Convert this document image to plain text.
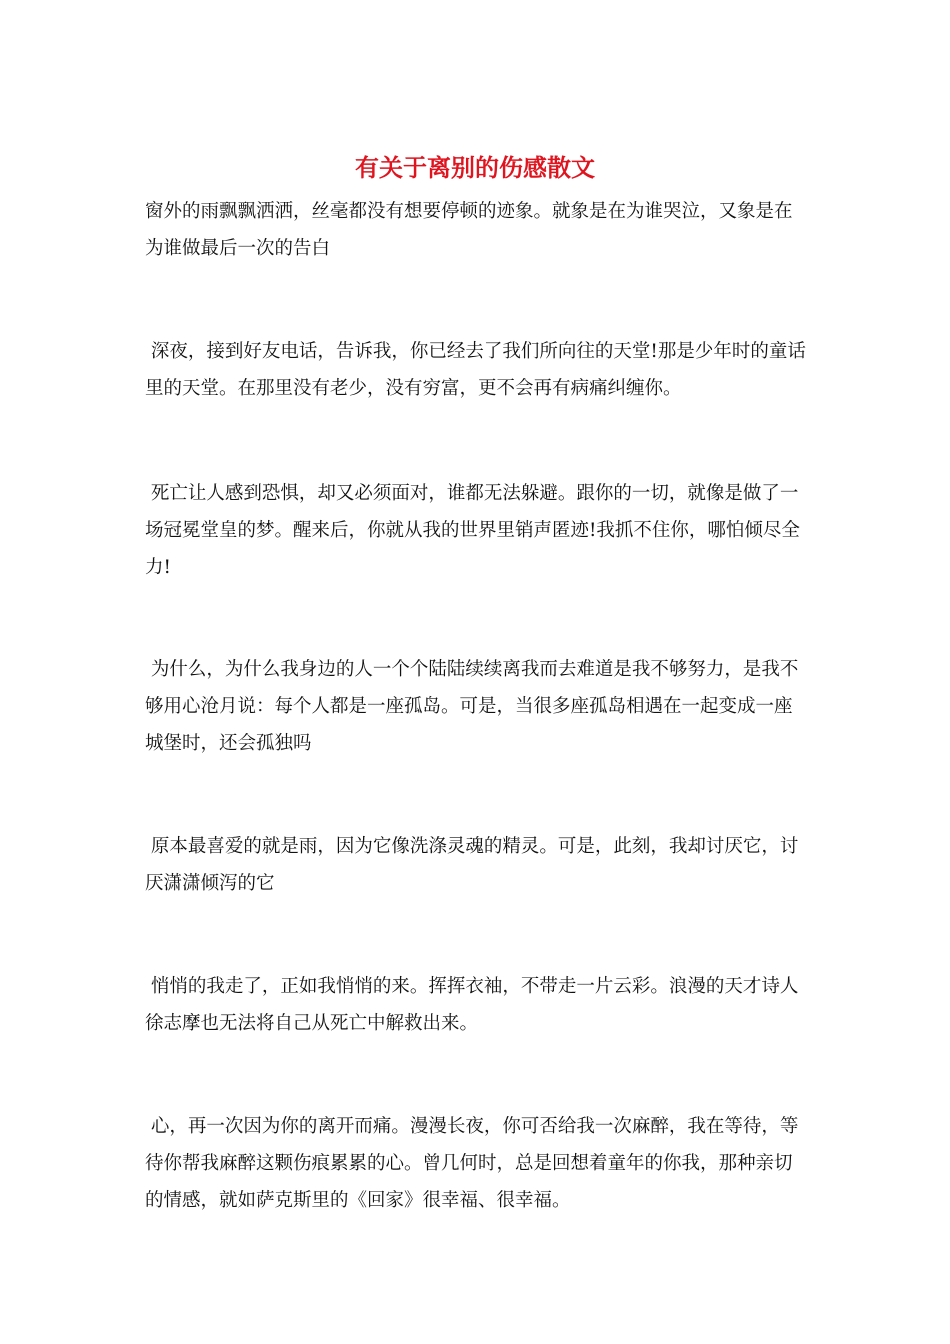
有关于离别的伤感散文

窗外的雨飘飘洒洒，丝毫都没有想要停顿的迹象。就象是在为谁哭泣，又象是在为谁做最后一次的告白

深夜，接到好友电话，告诉我，你已经去了我们所向往的天堂!那是少年时的童话里的天堂。在那里没有老少，没有穷富，更不会再有病痛纠缠你。

死亡让人感到恐惧，却又必须面对，谁都无法躲避。跟你的一切，就像是做了一场冠冕堂皇的梦。醒来后，你就从我的世界里销声匿迹!我抓不住你，哪怕倾尽全力!

为什么，为什么我身边的人一个个陆陆续续离我而去难道是我不够努力，是我不够用心沧月说：每个人都是一座孤岛。可是，当很多座孤岛相遇在一起变成一座城堡时，还会孤独吗

原本最喜爱的就是雨，因为它像洗涤灵魂的精灵。可是，此刻，我却讨厌它，讨厌潇潇倾泻的它

悄悄的我走了，正如我悄悄的来。挥挥衣袖，不带走一片云彩。浪漫的天才诗人徐志摩也无法将自己从死亡中解救出来。

心，再一次因为你的离开而痛。漫漫长夜，你可否给我一次麻醉，我在等待，等待你帮我麻醉这颗伤痕累累的心。曾几何时，总是回想着童年的你我，那种亲切的情感，就如萨克斯里的《回家》很幸福、很幸福。
